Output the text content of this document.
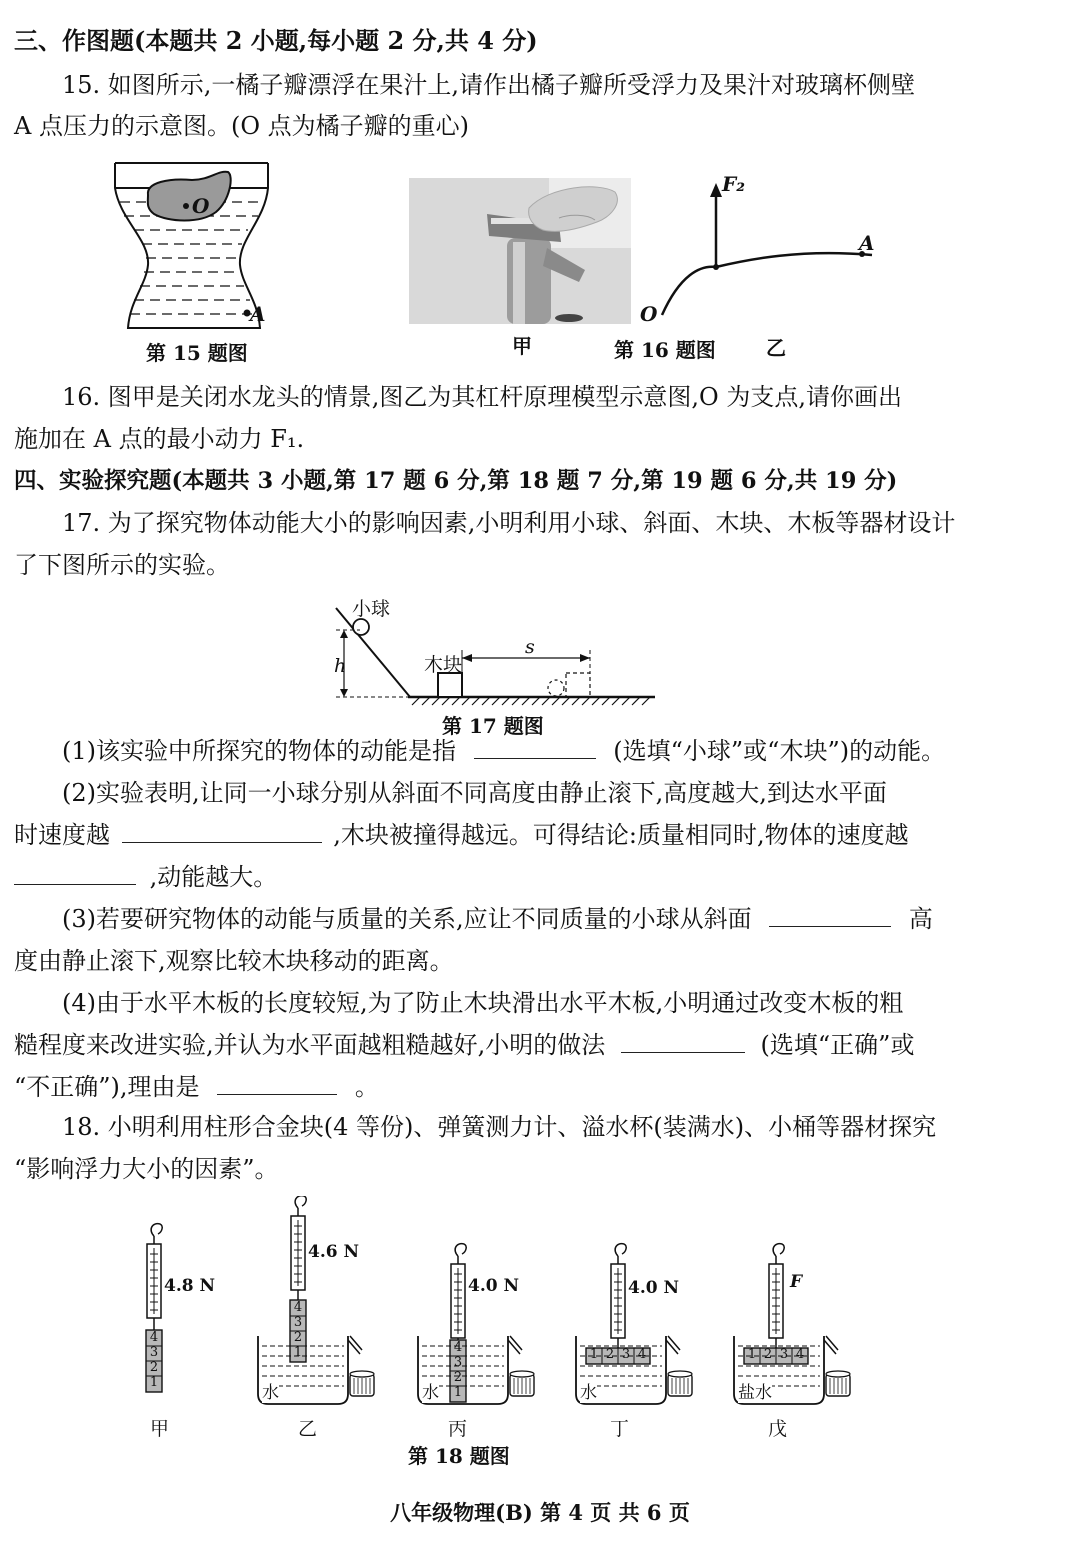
三、作图题(本题共 2 小题,每小题 2 分,共 4 分)
15. 如图所示,一橘子瓣漂浮在果汁上,请作出橘子瓣所受浮力及果汁对玻璃杯侧壁
A 点压力的示意图。(O 点为橘子瓣的重心)
O
A
第 15 题图	甲
F₂
A
O
第 16 题图	乙
16. 图甲是关闭水龙头的情景,图乙为其杠杆原理模型示意图,O 为支点,请你画出
施加在 A 点的最小动力 F₁.
四、实验探究题(本题共 3 小题,第 17 题 6 分,第 18 题 7 分,第 19 题 6 分,共 19 分)
17. 为了探究物体动能大小的影响因素,小明利用小球、斜面、木块、木板等器材设计
了下图所示的实验。
小球
h	木块
s
第 17 题图
(1)该实验中所探究的物体的动能是指	(选填“小球”或“木块”)的动能。
(2)实验表明,让同一小球分别从斜面不同高度由静止滚下,高度越大,到达水平面
时速度越	,木块被撞得越远。可得结论:质量相同时,物体的速度越
,动能越大。
(3)若要研究物体的动能与质量的关系,应让不同质量的小球从斜面	高
度由静止滚下,观察比较木块移动的距离。
(4)由于水平木板的长度较短,为了防止木块滑出水平木板,小明通过改变木板的粗
糙程度来改进实验,并认为水平面越粗糙越好,小明的做法	(选填“正确”或
“不正确”),理由是	。
18. 小明利用柱形合金块(4 等份)、弹簧测力计、溢水杯(装满水)、小桶等器材探究
“影响浮力大小的因素”。
4.8 N
4.6 N
4.0 N	4.0 N	F
4
3
2
1
4
3
2
1	4
3
2
1
1 2 3 4	1 2 3 4
水	水	水	盐水
甲	乙	丙	丁	戊
第 18 题图
八年级物理(B) 第 4 页 共 6 页
